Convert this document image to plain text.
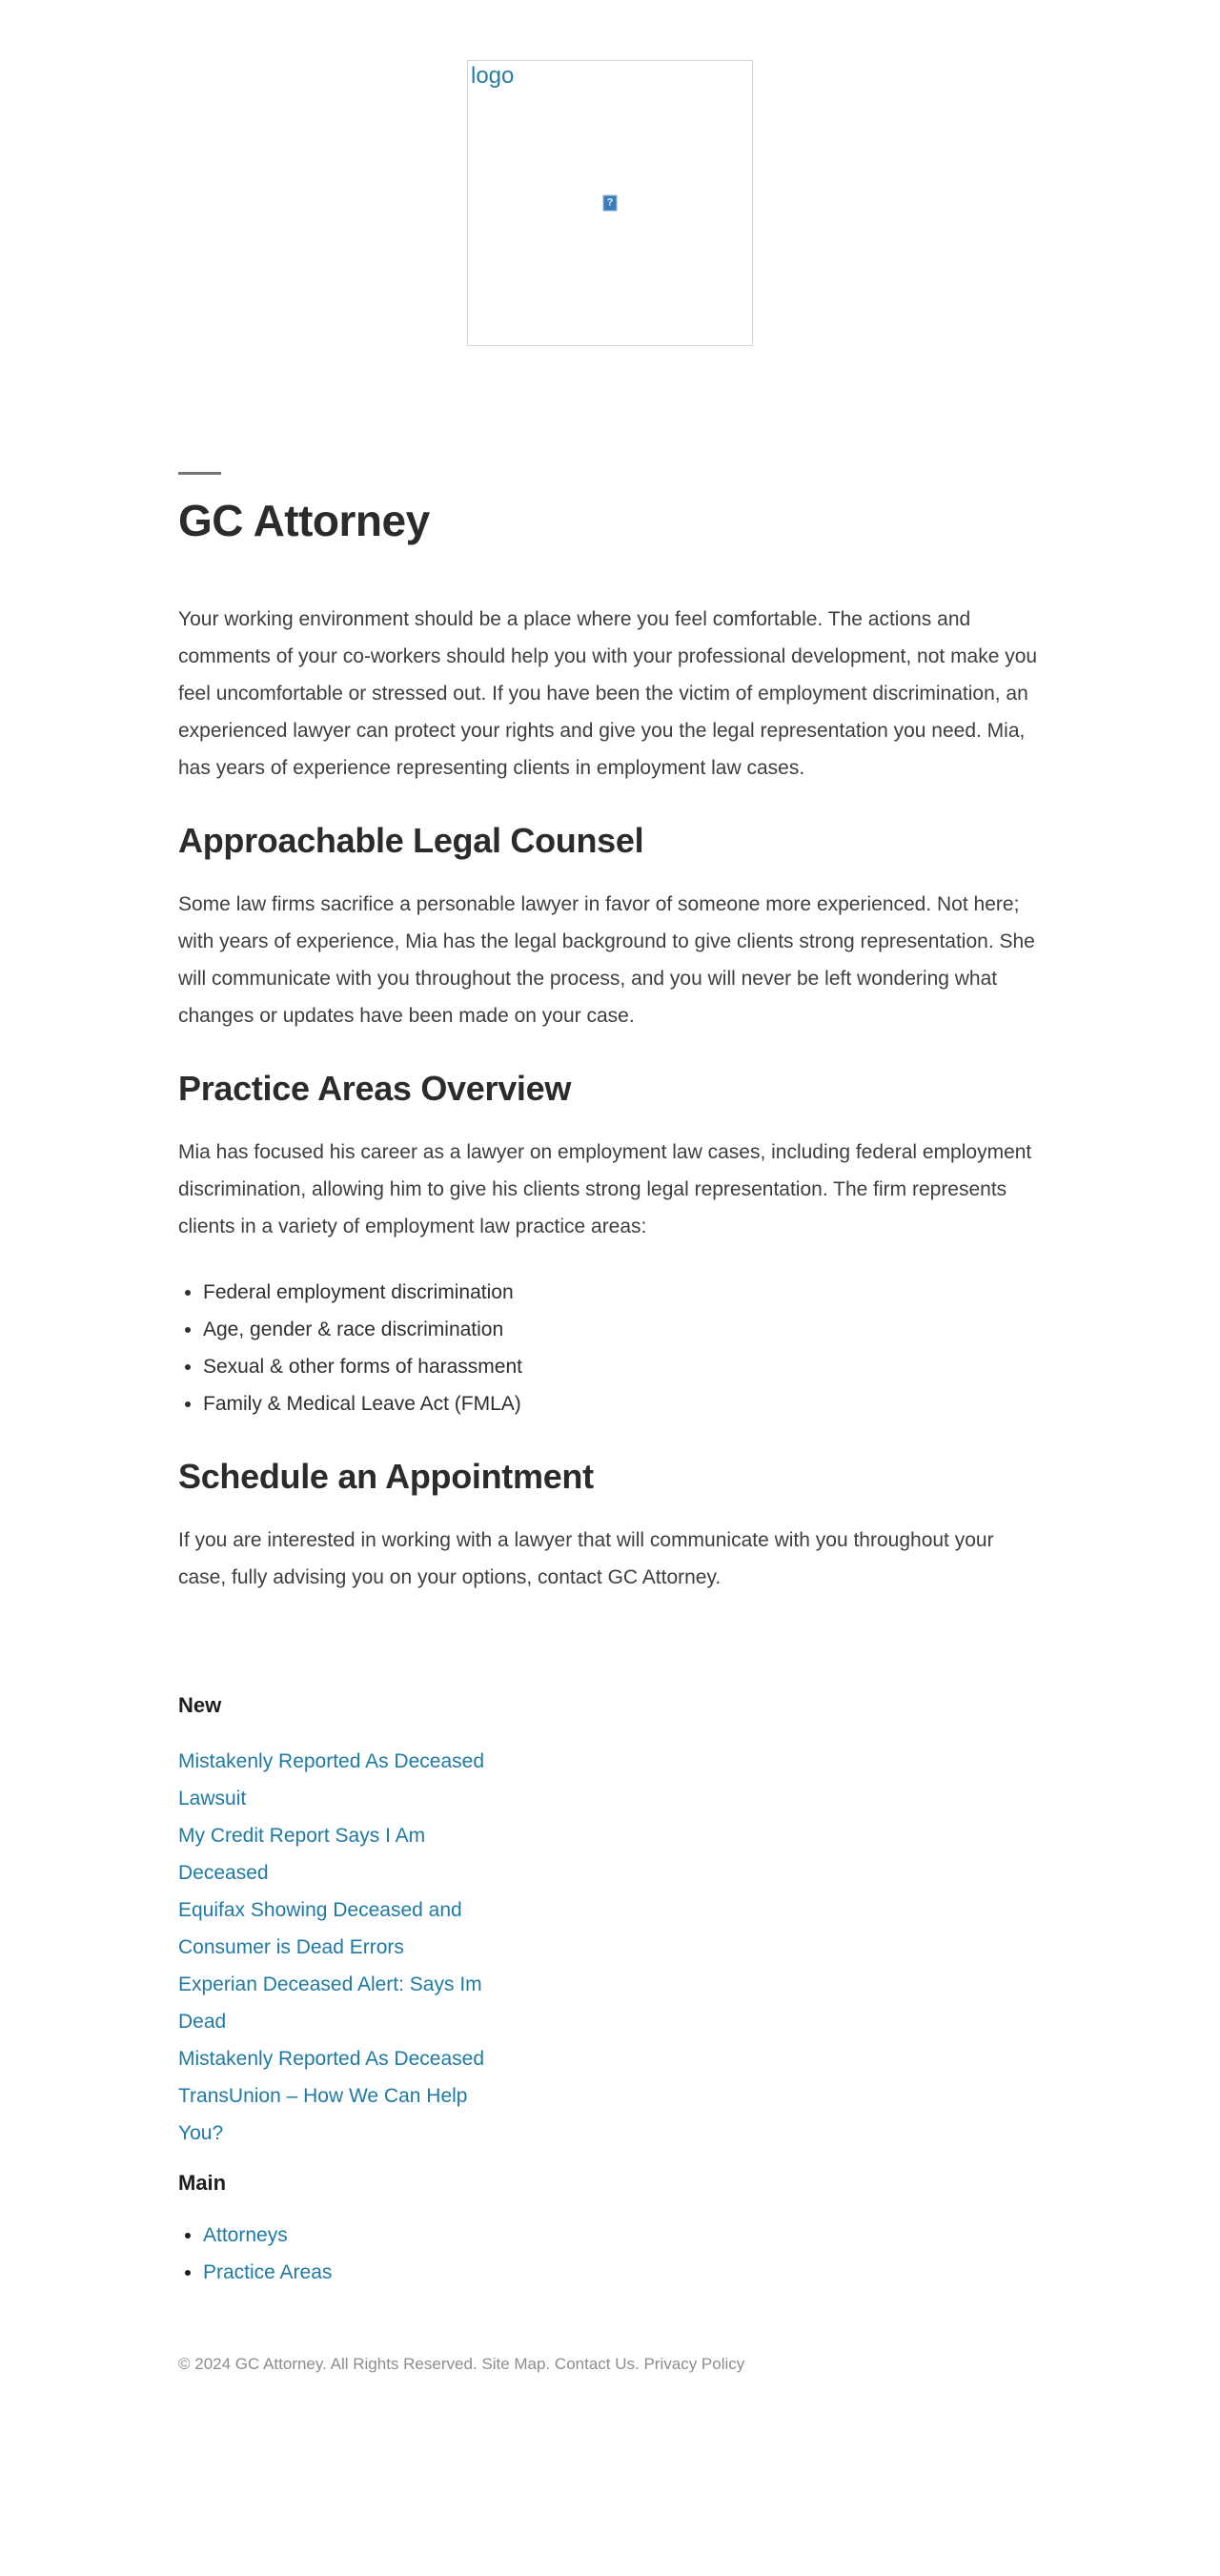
logo
?
GC Attorney

Your working environment should be a place where you feel comfortable. The actions and comments of your co-workers should help you with your professional development, not make you feel uncomfortable or stressed out. If you have been the victim of employment discrimination, an experienced lawyer can protect your rights and give you the legal representation you need. Mia, has years of experience representing clients in employment law cases.

Approachable Legal Counsel

Some law firms sacrifice a personable lawyer in favor of someone more experienced. Not here; with years of experience, Mia has the legal background to give clients strong representation. She will communicate with you throughout the process, and you will never be left wondering what changes or updates have been made on your case.

Practice Areas Overview

Mia has focused his career as a lawyer on employment law cases, including federal employment discrimination, allowing him to give his clients strong legal representation. The firm represents clients in a variety of employment law practice areas:

• Federal employment discrimination
• Age, gender & race discrimination
• Sexual & other forms of harassment
• Family & Medical Leave Act (FMLA)
Schedule an Appointment

If you are interested in working with a lawyer that will communicate with you throughout your case, fully advising you on your options, contact GC Attorney.

New
Mistakenly Reported As Deceased Lawsuit
My Credit Report Says I Am Deceased
Equifax Showing Deceased and Consumer is Dead Errors
Experian Deceased Alert: Says Im Dead
Mistakenly Reported As Deceased TransUnion – How We Can Help You?
Main
• Attorneys
• Practice Areas
© 2024 GC Attorney. All Rights Reserved. Site Map. Contact Us. Privacy Policy
